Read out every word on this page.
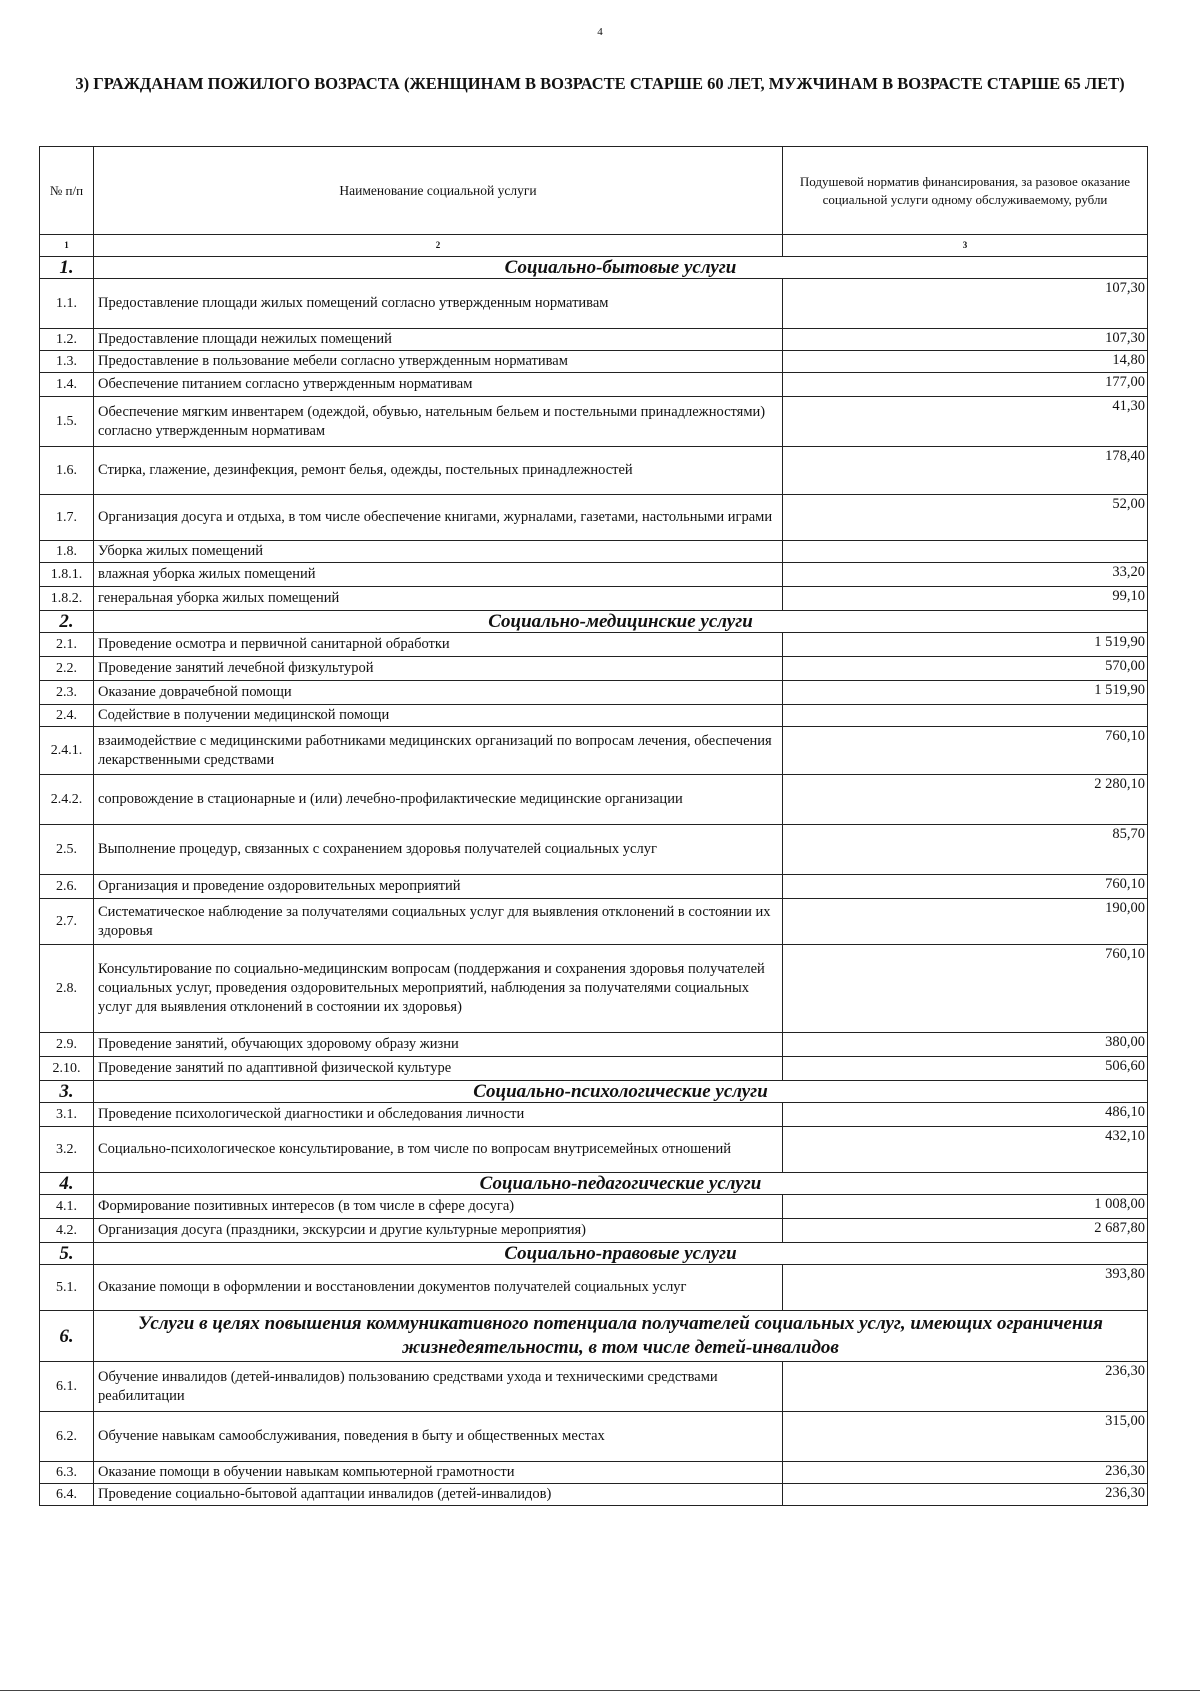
4
3) ГРАЖДАНАМ ПОЖИЛОГО ВОЗРАСТА (ЖЕНЩИНАМ В ВОЗРАСТЕ СТАРШЕ 60 ЛЕТ, МУЖЧИНАМ В ВОЗРАСТЕ СТАРШЕ 65 ЛЕТ)
№ п/п	Наименование социальной услуги	Подушевой норматив финансирования, за разовое оказание социальной услуги одному обслуживаемому, рубли
1	2	3
1.	Социально-бытовые услуги	
1.1.	Предоставление площади жилых помещений согласно утвержденным нормативам	107,30
1.2.	Предоставление площади нежилых помещений	107,30
1.3.	Предоставление в пользование мебели согласно утвержденным нормативам	14,80
1.4.	Обеспечение питанием согласно утвержденным нормативам	177,00
1.5.	Обеспечение мягким инвентарем (одеждой, обувью, нательным бельем и постельными принадлежностями) согласно утвержденным нормативам	41,30
1.6.	Стирка, глажение, дезинфекция, ремонт белья, одежды, постельных принадлежностей	178,40
1.7.	Организация досуга и отдыха, в том числе обеспечение книгами, журналами, газетами, настольными играми	52,00
1.8.	Уборка жилых помещений	
1.8.1.	влажная уборка жилых помещений	33,20
1.8.2.	генеральная уборка жилых помещений	99,10
2.	Социально-медицинские услуги	
2.1.	Проведение осмотра и первичной санитарной обработки	1 519,90
2.2.	Проведение занятий лечебной физкультурой	570,00
2.3.	Оказание доврачебной помощи	1 519,90
2.4.	Содействие в получении медицинской помощи	
2.4.1.	взаимодействие с медицинскими работниками медицинских организаций по вопросам лечения, обеспечения лекарственными средствами	760,10
2.4.2.	сопровождение в стационарные и (или) лечебно-профилактические медицинские организации	2 280,10
2.5.	Выполнение процедур, связанных с сохранением здоровья получателей социальных услуг	85,70
2.6.	Организация и проведение оздоровительных мероприятий	760,10
2.7.	Систематическое наблюдение за получателями социальных услуг для выявления отклонений в состоянии их здоровья	190,00
2.8.	Консультирование по социально-медицинским вопросам (поддержания и сохранения здоровья получателей социальных услуг, проведения оздоровительных мероприятий, наблюдения за получателями социальных услуг для выявления отклонений в состоянии их здоровья)	760,10
2.9.	Проведение занятий, обучающих здоровому образу жизни	380,00
2.10.	Проведение занятий по адаптивной физической культуре	506,60
3.	Социально-психологические услуги	
3.1.	Проведение психологической диагностики и обследования личности	486,10
3.2.	Социально-психологическое консультирование, в том числе по вопросам внутрисемейных отношений	432,10
4.	Социально-педагогические услуги	
4.1.	Формирование позитивных интересов (в том числе в сфере досуга)	1 008,00
4.2.	Организация досуга (праздники, экскурсии и другие культурные мероприятия)	2 687,80
5.	Социально-правовые услуги	
5.1.	Оказание помощи в оформлении и восстановлении документов получателей социальных услуг	393,80
6.	Услуги в целях повышения коммуникативного потенциала получателей социальных услуг, имеющих ограничения жизнедеятельности, в том числе детей-инвалидов	
6.1.	Обучение инвалидов (детей-инвалидов) пользованию средствами ухода и техническими средствами реабилитации	236,30
6.2.	Обучение навыкам самообслуживания, поведения в быту и общественных местах	315,00
6.3.	Оказание помощи в обучении навыкам компьютерной грамотности	236,30
6.4.	Проведение социально-бытовой адаптации инвалидов (детей-инвалидов)	236,30
